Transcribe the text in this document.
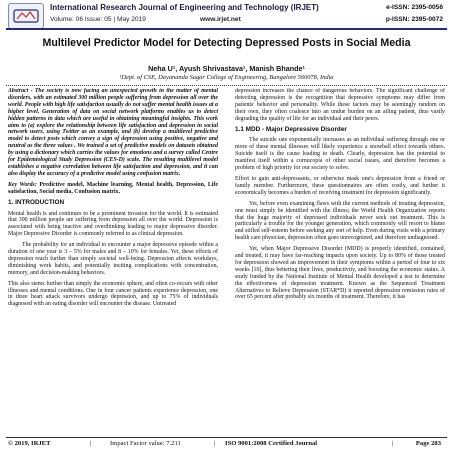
International Research Journal of Engineering and Technology (IRJET)
Volume: 06 Issue: 05 | May 2019	www.irjet.net
e-ISSN: 2395-0056
p-ISSN: 2395-0072
Multilevel Predictor Model for Detecting Depressed Posts in Social Media
Neha U¹, Ayush Shrivastava¹, Manish Bhande¹
¹Dept. of CSE, Dayananda Sagar College of Engineering, Bangalore 560078, India

Abstract - The society is now facing an unexpected growth in the matter of mental disorders, with an estimated 300 million people suffering from depression all over the world. People with high life satisfaction usually do not suffer mental health issues at a higher level. Generation of data on social network platforms enables us to detect hidden patterns in data which are useful in obtaining meaningful insights. This work aims to (a) explore the relationship between life satisfaction and depression in social network users, using Twitter as an example, and (b) develop a multilevel predictive model to detect posts which convey a sign of depression using positive, negative and neutral as the three values . We trained a set of predictive models on datasets obtained by using a dictionary which carries the values for emotions and a survey called Centre for Epidemiological Study Depression (CES-D) scale. The resulting multilevel model establishes a negative correlation between life satisfaction and depression, and it can also display the accuracy of a predictive model using confusion matrix.

Key Words: Predictive model, Machine learning, Mental health, Depression, Life satisfaction, Social media, Confusion matrix.

1. INTRODUCTION

Mental health is and continues to be a prominent invasion for the world. It is estimated that 300 million people are suffering from depression all over the world. Depression is associated with being inactive and overthinking leading to major depressive disorder. Major Depressive Disorder is commonly referred to as clinical depression.

The probability for an individual to encounter a major depressive episode within a duration of one year is 3 – 5% for males and 8 – 10% for females. Yet, these effects of depression reach further than simply societal well-being. Depression affects workdays, diminishing work habits, and potentially inciting complications with concentration, memory, and decision-making behaviors.

This also stems further than simply the economic sphere, and often co-occurs with other illnesses and mental conditions. One in four cancer patients experience depression, one in three heart attack survivors undergo depression, and up to 75% of individuals diagnosed with an eating disorder will encounter the disease. Untreated

depression increases the chance of dangerous behaviors. The significant challenge of detecting depression is the recognition that depressive symptoms may differ from patients' behavior and personality. While these factors may be seemingly random on their own, they often coalesce into an undue burden on an ailing patient, thus vastly degrading the quality of life for an individual and their peers.

1.1 MDD - Major Depressive Disorder

The suicide rate exponentially increases as an individual suffering through one or more of these mental illnesses will likely experience a snowball effect towards others. Suicide itself is the cause leading to death. Clearly, depression has the potential to manifest itself within a cornucopia of other social issues, and therefore becomes a problem of high priority for our society to solve.

Effort to gain anti-depressants, or otherwise mask one's depression from a friend or family member. Furthermore, these questionnaires are often costly, and further it economically becomes a burden of receiving treatment for depression significantly.

Yet, before even examining flaws with the current methods of treating depression, one must simply be identified with the illness; the World Health Organization reports that the huge majority of depressed individuals never seek out treatment. This is particularly a trouble for the younger generation, which commonly will resort to blame and stifled self-esteem before seeking any sort of help. Even during visits with a primary health care physician, depression often goes unrecognized, and therefore undiagnosed.

Yet, when Major Depressive Disorder (MDD) is properly identified, contained, and treated, it may have far-reaching impacts upon society. Up to 80% of those treated for depression showed an improvement in their symptoms within a period of four to six weeks [10], thus bettering their lives, productivity, and boosting the economic status. A study funded by the National Institute of Mental Health developed a test to determine the effectiveness of depression treatment. Known as the Sequenced Treatment Alternatives to Relieve Depression (STAR*D) it reported depression remission rates of over 65 percent after probably six months of treatment. Therefore, it has

© 2019, IRJET	|	Impact Factor value: 7.211	| ISO 9001:2008 Certified Journal	|	Page 283
